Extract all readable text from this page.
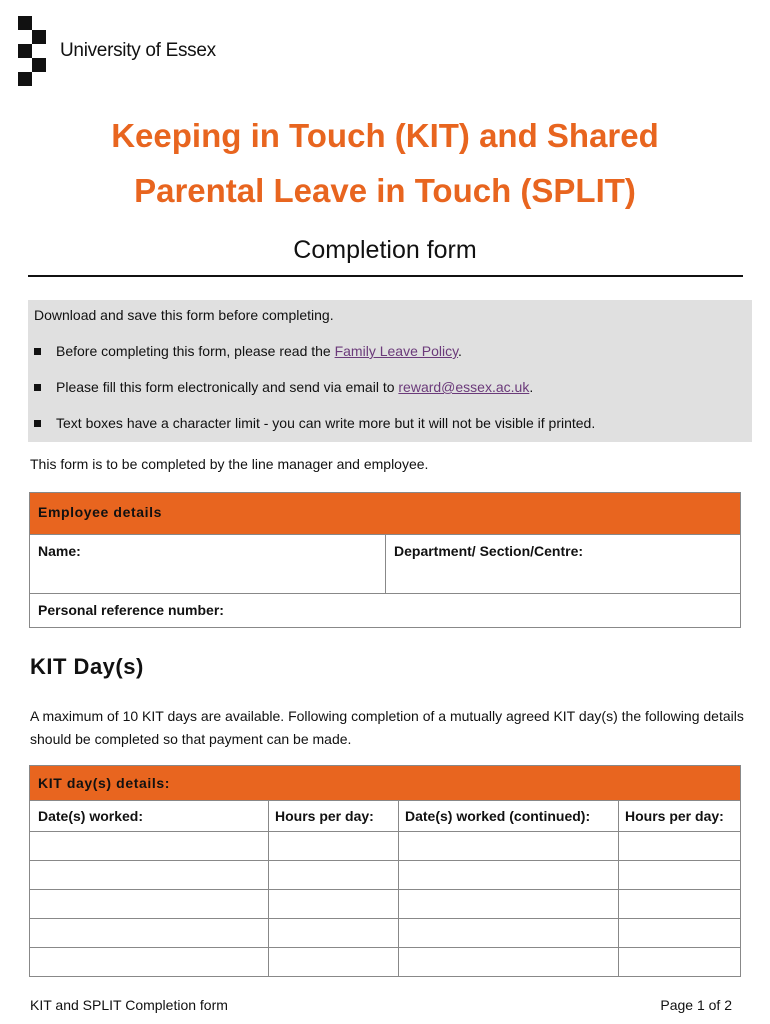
University of Essex
Keeping in Touch (KIT) and Shared
Parental Leave in Touch (SPLIT)
Completion form
Download and save this form before completing.
Before completing this form, please read the Family Leave Policy.
Please fill this form electronically and send via email to reward@essex.ac.uk.
Text boxes have a character limit - you can write more but it will not be visible if printed.
This form is to be completed by the line manager and employee.
Employee details

Name:	Department/ Section/Centre:

Personal reference number:
KIT Day(s)
A maximum of 10 KIT days are available. Following completion of a mutually agreed KIT day(s) the following details should be completed so that payment can be made.
KIT day(s) details:			

Date(s) worked:	Hours per day:	Date(s) worked (continued):	Hours per day:

KIT and SPLIT Completion form	Page 1 of 2
